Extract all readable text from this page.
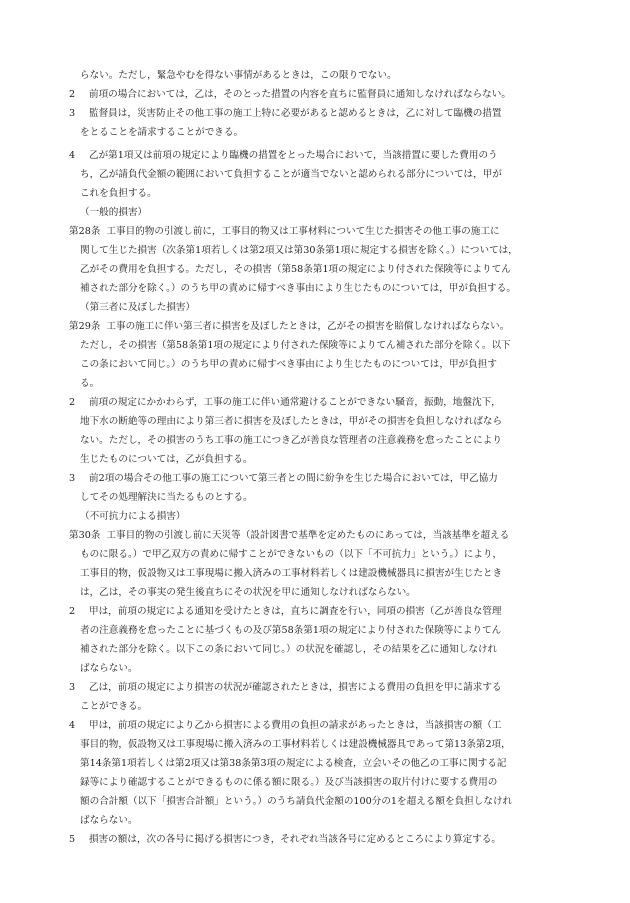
らない。ただし，緊急やむを得ない事情があるときは，この限りでない。
2 前項の場合においては，乙は，そのとった措置の内容を直ちに監督員に通知しなければならない。
3 監督員は，災害防止その他工事の施工上特に必要があると認めるときは，乙に対して臨機の措置
をとることを請求することができる。
4 乙が第1項又は前項の規定により臨機の措置をとった場合において，当該措置に要した費用のう
ち，乙が請負代金額の範囲において負担することが適当でないと認められる部分については，甲が
これを負担する。
（一般的損害）
第28条 工事目的物の引渡し前に，工事目的物又は工事材料について生じた損害その他工事の施工に
関して生じた損害（次条第1項若しくは第2項又は第30条第1項に規定する損害を除く。）については，
乙がその費用を負担する。ただし，その損害（第58条第1項の規定により付された保険等によりてん
補された部分を除く。）のうち甲の責めに帰すべき事由により生じたものについては，甲が負担する。
（第三者に及ぼした損害）
第29条 工事の施工に伴い第三者に損害を及ぼしたときは，乙がその損害を賠償しなければならない。
ただし，その損害（第58条第1項の規定により付された保険等によりてん補された部分を除く。以下
この条において同じ。）のうち甲の責めに帰すべき事由により生じたものについては，甲が負担す
る。
2 前項の規定にかかわらず，工事の施工に伴い通常避けることができない騒音，振動，地盤沈下，
地下水の断絶等の理由により第三者に損害を及ぼしたときは，甲がその損害を負担しなければなら
ない。ただし，その損害のうち工事の施工につき乙が善良な管理者の注意義務を怠ったことにより
生じたものについては，乙が負担する。
3 前2項の場合その他工事の施工について第三者との間に紛争を生じた場合においては，甲乙協力
してその処理解決に当たるものとする。
（不可抗力による損害）
第30条 工事目的物の引渡し前に天災等（設計図書で基準を定めたものにあっては，当該基準を超える
ものに限る。）で甲乙双方の責めに帰すことができないもの（以下「不可抗力」という。）により，
工事目的物，仮設物又は工事現場に搬入済みの工事材料若しくは建設機械器具に損害が生じたとき
は，乙は，その事実の発生後直ちにその状況を甲に通知しなければならない。
2 甲は，前項の規定による通知を受けたときは，直ちに調査を行い，同項の損害（乙が善良な管理
者の注意義務を怠ったことに基づくもの及び第58条第1項の規定により付された保険等によりてん
補された部分を除く。以下この条において同じ。）の状況を確認し，その結果を乙に通知しなけれ
ばならない。
3 乙は，前項の規定により損害の状況が確認されたときは，損害による費用の負担を甲に請求する
ことができる。
4 甲は，前項の規定により乙から損害による費用の負担の請求があったときは，当該損害の額（工
事目的物，仮設物又は工事現場に搬入済みの工事材料若しくは建設機械器具であって第13条第2項，
第14条第1項若しくは第2項又は第38条第3項の規定による検査，立会いその他乙の工事に関する記
録等により確認することができるものに係る額に限る。）及び当該損害の取片付けに要する費用の
額の合計額（以下「損害合計額」という。）のうち請負代金額の100分の1を超える額を負担しなけれ
ばならない。
5 損害の額は，次の各号に掲げる損害につき，それぞれ当該各号に定めるところにより算定する。
